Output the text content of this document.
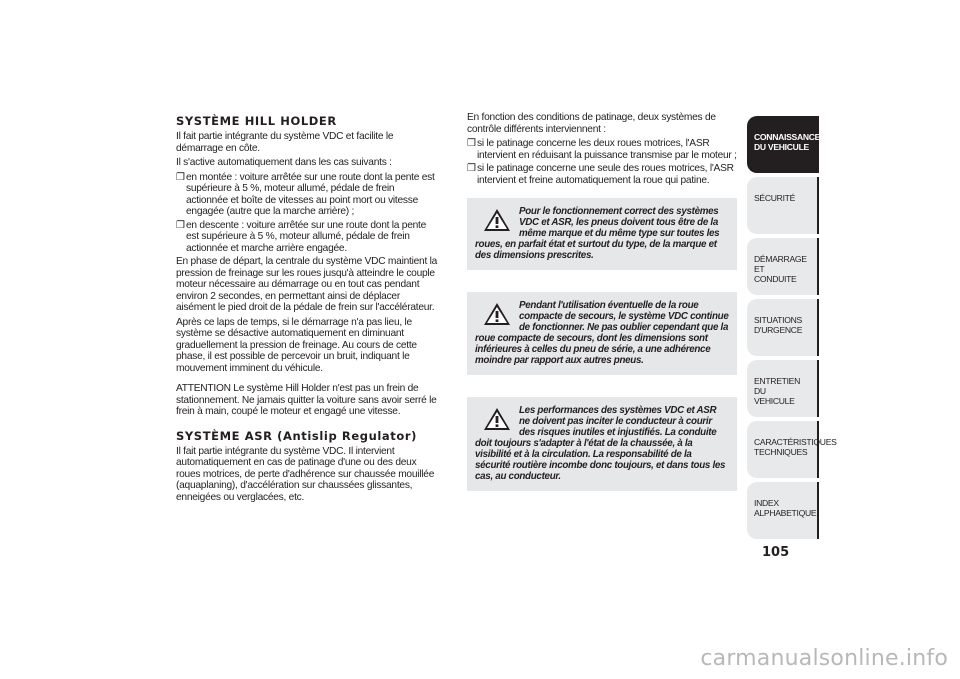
SYSTÈME HILL HOLDER

Il fait partie intégrante du système VDC et facilite le démarrage en côte.

Il s'active automatiquement dans les cas suivants :

❒ en montée : voiture arrêtée sur une route dont la pente est supérieure à 5 %, moteur allumé, pédale de frein actionnée et boîte de vitesses au point mort ou vitesse engagée (autre que la marche arrière) ;
❒ en descente : voiture arrêtée sur une route dont la pente est supérieure à 5 %, moteur allumé, pédale de frein actionnée et marche arrière engagée.

En phase de départ, la centrale du système VDC maintient la pression de freinage sur les roues jusqu'à atteindre le couple moteur nécessaire au démarrage ou en tout cas pendant environ 2 secondes, en permettant ainsi de déplacer aisément le pied droit de la pédale de frein sur l'accélérateur.

Après ce laps de temps, si le démarrage n'a pas lieu, le système se désactive automatiquement en diminuant graduellement la pression de freinage. Au cours de cette phase, il est possible de percevoir un bruit, indiquant le mouvement imminent du véhicule.

ATTENTION Le système Hill Holder n'est pas un frein de stationnement. Ne jamais quitter la voiture sans avoir serré le frein à main, coupé le moteur et engagé une vitesse.

SYSTÈME ASR (Antislip Regulator)

Il fait partie intégrante du système VDC. Il intervient automatiquement en cas de patinage d'une ou des deux roues motrices, de perte d'adhérence sur chaussée mouillée (aquaplaning), d'accélération sur chaussées glissantes, enneigées ou verglacées, etc.

En fonction des conditions de patinage, deux systèmes de contrôle différents interviennent :

❒ si le patinage concerne les deux roues motrices, l'ASR intervient en réduisant la puissance transmise par le moteur ;
❒ si le patinage concerne une seule des roues motrices, l'ASR intervient et freine automatiquement la roue qui patine.
Pour le fonctionnement correct des systèmes VDC et ASR, les pneus doivent tous être de la même marque et du même type sur toutes les roues, en parfait état et surtout du type, de la marque et des dimensions prescrites.
Pendant l'utilisation éventuelle de la roue compacte de secours, le système VDC continue de fonctionner. Ne pas oublier cependant que la roue compacte de secours, dont les dimensions sont inférieures à celles du pneu de série, a une adhérence moindre par rapport aux autres pneus.
Les performances des systèmes VDC et ASR ne doivent pas inciter le conducteur à courir des risques inutiles et injustifiés. La conduite doit toujours s'adapter à l'état de la chaussée, à la visibilité et à la circulation. La responsabilité de la sécurité routière incombe donc toujours, et dans tous les cas, au conducteur.
CONNAISSANCE
DU VEHICULE
SÉCURITÉ
DÉMARRAGE ET
CONDUITE
SITUATIONS
D'URGENCE
ENTRETIEN DU
VEHICULE
CARACTÉRISTIQUES
TECHNIQUES
INDEX
ALPHABETIQUE
105
carmanualsonline.info
